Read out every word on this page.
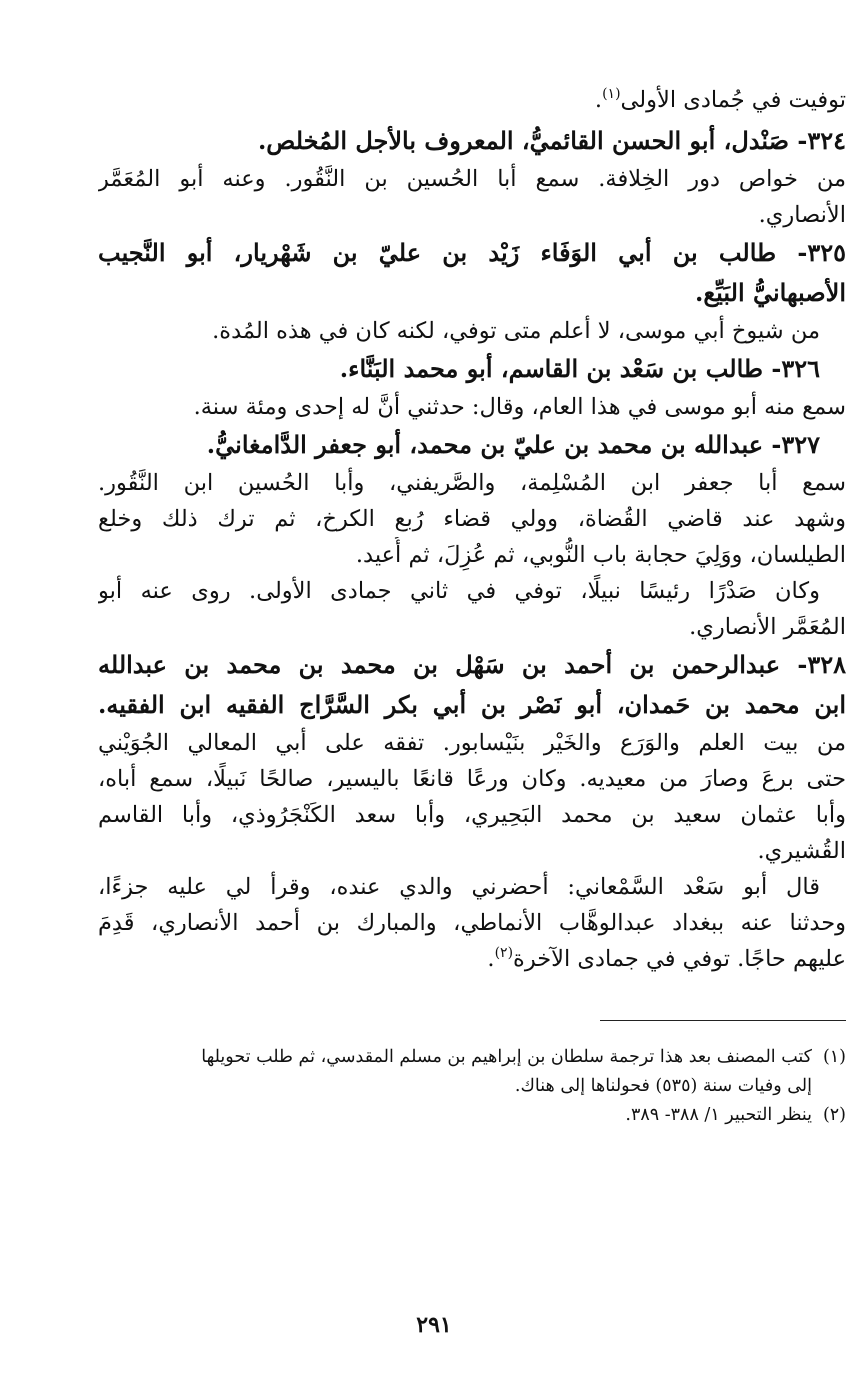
توفيت في جُمادى الأولى$^{(١)}$.
٣٢٤- صَنْدل، أبو الحسن القائميُّ، المعروف بالأجل المُخلص.
من خواص دور الخِلافة. سمع أبا الحُسين بن النَّقُور. وعنه أبو المُعَمَّر
الأنصاري.
٣٢٥- طالب بن أبي الوَفَاء زَيْد بن عليّ بن شَهْريار، أبو النَّجيب
الأصبهانيُّ البَيِّع.
من شيوخ أبي موسى، لا أعلم متى توفي، لكنه كان في هذه المُدة.
٣٢٦- طالب بن سَعْد بن القاسم، أبو محمد البَنَّاء.
سمع منه أبو موسى في هذا العام، وقال: حدثني أنَّ له إحدى ومئة سنة.
٣٢٧- عبدالله بن محمد بن عليّ بن محمد، أبو جعفر الدَّامغانيُّ.
سمع أبا جعفر ابن المُسْلِمة، والصَّريفني، وأبا الحُسين ابن النَّقُور.
وشهد عند قاضي القُضاة، وولي قضاء رُبع الكرخ، ثم ترك ذلك وخلع
الطيلسان، ووَلِيَ حجابة باب النُّوبي، ثم عُزِلَ، ثم أُعيد.
وكان صَدْرًا رئيسًا نبيلًا، توفي في ثاني جمادى الأولى. روى عنه أبو
المُعَمَّر الأنصاري.
٣٢٨- عبدالرحمن بن أحمد بن سَهْل بن محمد بن محمد بن عبدالله
ابن محمد بن حَمدان، أبو نَصْر بن أبي بكر السَّرَّاج الفقيه ابن الفقيه.
من بيت العلم والوَرَع والخَيْر بنَيْسابور. تفقه على أبي المعالي الجُوَيْني
حتى برعَ وصارَ من معيديه. وكان ورعًا قانعًا باليسير، صالحًا نَبيلًا، سمع أباه،
وأبا عثمان سعيد بن محمد البَحِيري، وأبا سعد الكَنْجَرُوذي، وأبا القاسم
القُشيري.
قال أبو سَعْد السَّمْعاني: أحضرني والدي عنده، وقرأ لي عليه جزءًا،
وحدثنا عنه ببغداد عبدالوهَّاب الأنماطي، والمبارك بن أحمد الأنصاري، قَدِمَ
عليهم حاجًا. توفي في جمادى الآخرة$^{(٢)}$.
(١)كتب المصنف بعد هذا ترجمة سلطان بن إبراهيم بن مسلم المقدسي، ثم طلب تحويلها
إلى وفيات سنة (٥٣٥) فحولناها إلى هناك.
(٢)ينظر التحبير ١/ ٣٨٨- ٣٨٩.
٢٩١
